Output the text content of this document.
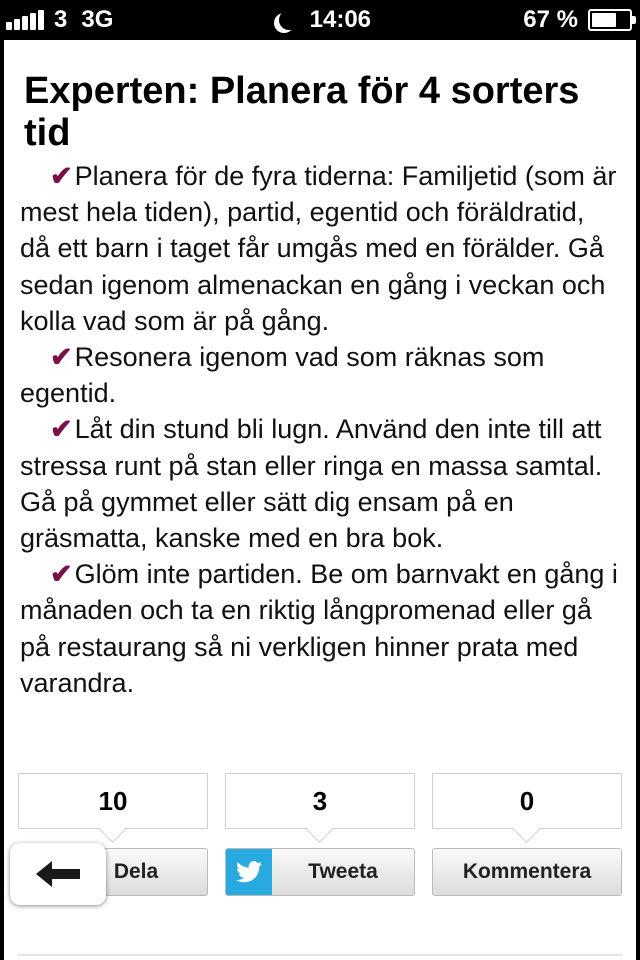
3 3G	14:06	67 %
Experten: Planera för 4 sorters tid

✔Planera för de fyra tiderna: Familjetid (som är mest hela tiden), partid, egentid och föräldratid, då ett barn i taget får umgås med en förälder. Gå sedan igenom almenackan en gång i veckan och kolla vad som är på gång.

✔Resonera igenom vad som räknas som egentid.

✔Låt din stund bli lugn. Använd den inte till att stressa runt på stan eller ringa en massa samtal. Gå på gymmet eller sätt dig ensam på en gräsmatta, kanske med en bra bok.

✔Glöm inte partiden. Be om barnvakt en gång i månaden och ta en riktig långpromenad eller gå på restaurang så ni verkligen hinner prata med varandra.

10	3	0
Dela	Tweeta	Kommentera
